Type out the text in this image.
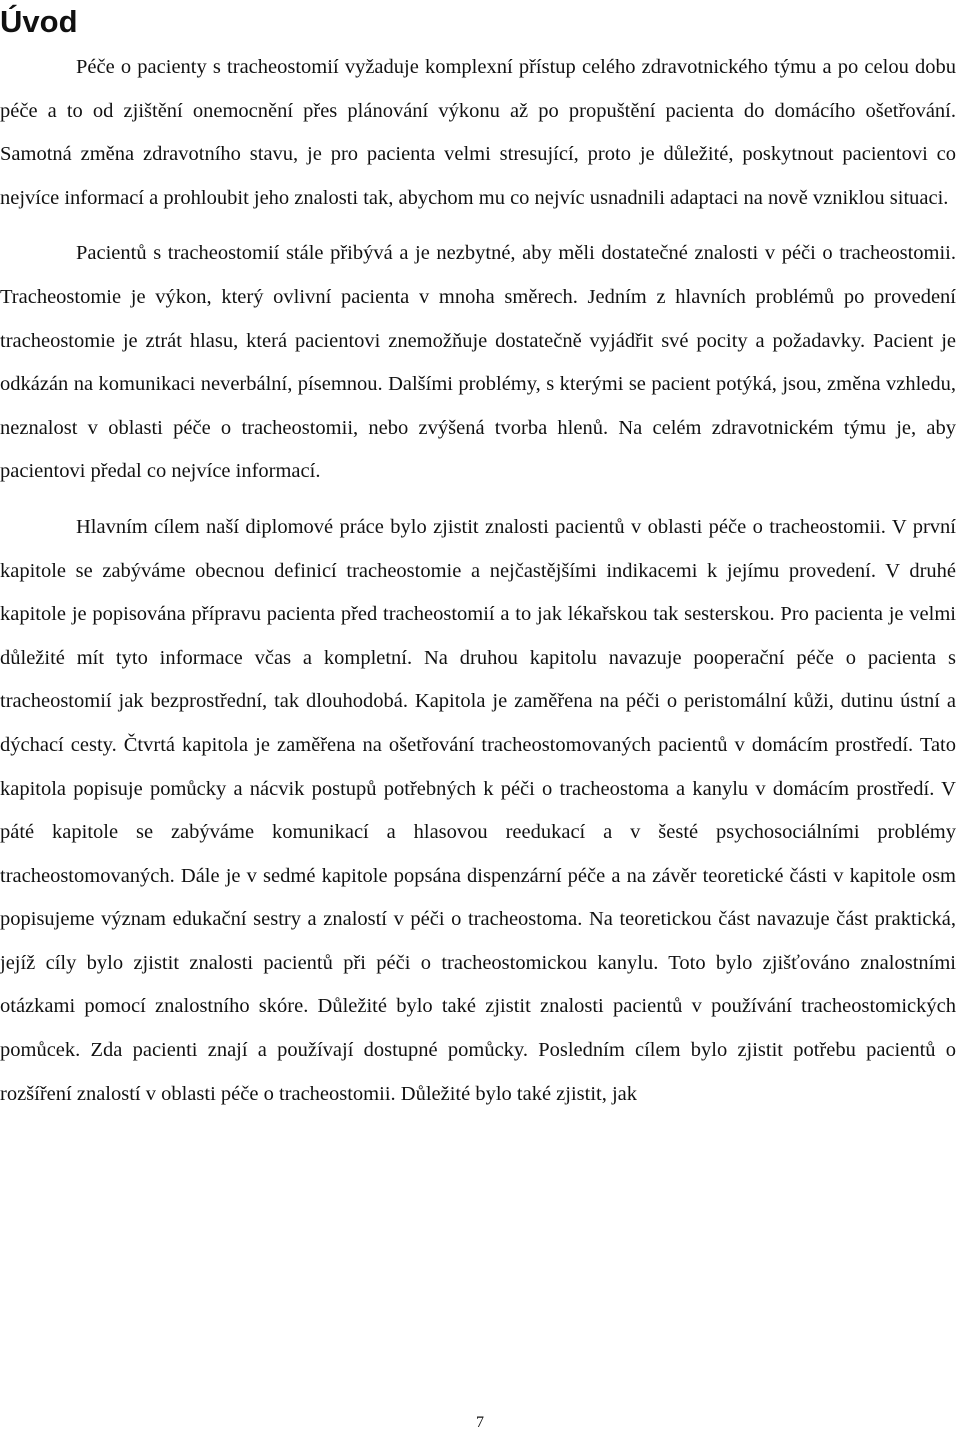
Úvod

Péče o pacienty s tracheostomií vyžaduje komplexní přístup celého zdravotnického týmu a po celou dobu péče a to od zjištění onemocnění přes plánování výkonu až po propuštění pacienta do domácího ošetřování. Samotná změna zdravotního stavu, je pro pacienta velmi stresující, proto je důležité, poskytnout pacientovi co nejvíce informací a prohloubit jeho znalosti tak, abychom mu co nejvíc usnadnili adaptaci na nově vzniklou situaci.

Pacientů s tracheostomií stále přibývá a je nezbytné, aby měli dostatečné znalosti v péči o tracheostomii. Tracheostomie je výkon, který ovlivní pacienta v mnoha směrech. Jedním z hlavních problémů po provedení tracheostomie je ztrát hlasu, která pacientovi znemožňuje dostatečně vyjádřit své pocity a požadavky. Pacient je odkázán na komunikaci neverbální, písemnou. Dalšími problémy, s kterými se pacient potýká, jsou, změna vzhledu, neznalost v oblasti péče o tracheostomii, nebo zvýšená tvorba hlenů. Na celém zdravotnickém týmu je, aby pacientovi předal co nejvíce informací.

Hlavním cílem naší diplomové práce bylo zjistit znalosti pacientů v oblasti péče o tracheostomii. V první kapitole se zabýváme obecnou definicí tracheostomie a nejčastějšími indikacemi k jejímu provedení. V druhé kapitole je popisována přípravu pacienta před tracheostomií a to jak lékařskou tak sesterskou. Pro pacienta je velmi důležité mít tyto informace včas a kompletní. Na druhou kapitolu navazuje pooperační péče o pacienta s tracheostomií jak bezprostřední, tak dlouhodobá. Kapitola je zaměřena na péči o peristomální kůži, dutinu ústní a dýchací cesty. Čtvrtá kapitola je zaměřena na ošetřování tracheostomovaných pacientů v domácím prostředí. Tato kapitola popisuje pomůcky a nácvik postupů potřebných k péči o tracheostoma a kanylu v domácím prostředí. V páté kapitole se zabýváme komunikací a hlasovou reedukací a v šesté psychosociálními problémy tracheostomovaných. Dále je v sedmé kapitole popsána dispenzární péče a na závěr teoretické části v kapitole osm popisujeme význam edukační sestry a znalostí v péči o tracheostoma. Na teoretickou část navazuje část praktická, jejíž cíly bylo zjistit znalosti pacientů při péči o tracheostomickou kanylu. Toto bylo zjišťováno znalostními otázkami pomocí znalostního skóre. Důležité bylo také zjistit znalosti pacientů v používání tracheostomických pomůcek. Zda pacienti znají a používají dostupné pomůcky. Posledním cílem bylo zjistit potřebu pacientů o rozšíření znalostí v oblasti péče o tracheostomii. Důležité bylo také zjistit, jak

7
